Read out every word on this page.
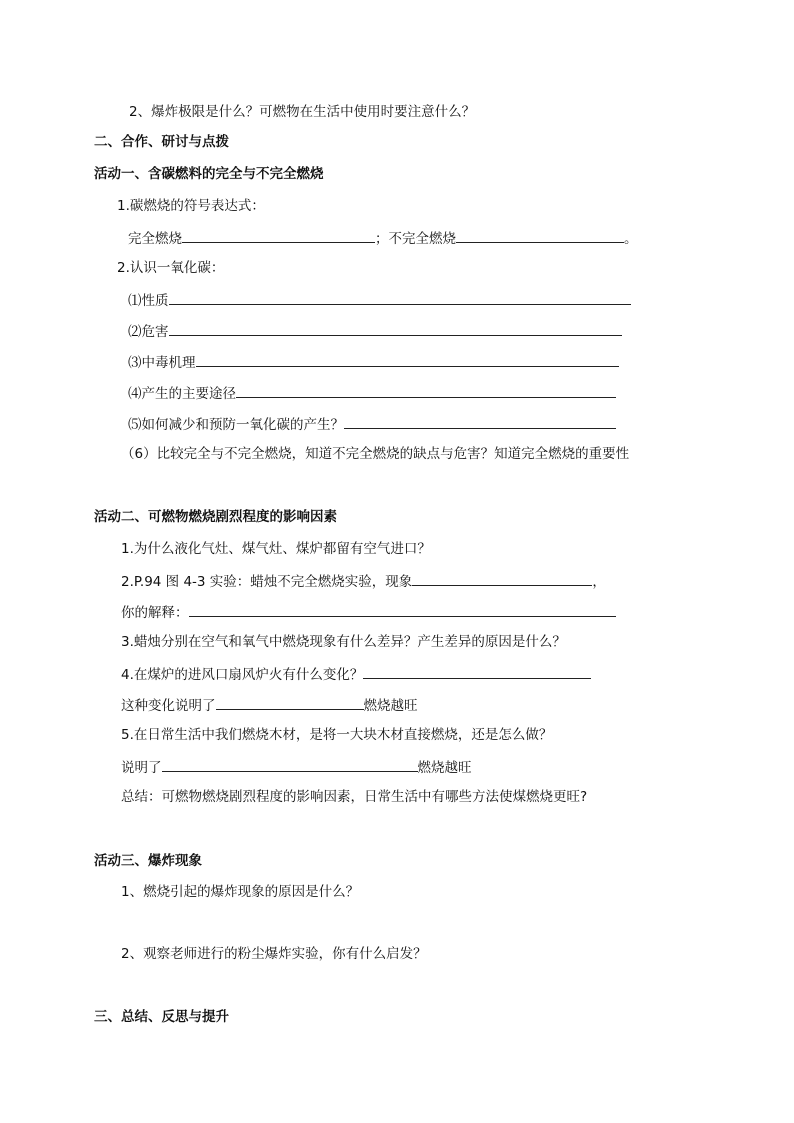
2、爆炸极限是什么？可燃物在生活中使用时要注意什么？
二、合作、研讨与点拨
活动一、含碳燃料的完全与不完全燃烧
1.碳燃烧的符号表达式：
完全燃烧	；不完全燃烧	。
2.认识一氧化碳：
⑴性质
⑵危害
⑶中毒机理
⑷产生的主要途径
⑸如何减少和预防一氧化碳的产生？
（6）比较完全与不完全燃烧，知道不完全燃烧的缺点与危害？知道完全燃烧的重要性
活动二、可燃物燃烧剧烈程度的影响因素
1.为什么液化气灶、煤气灶、煤炉都留有空气进口？
2.P.94 图 4-3 实验：蜡烛不完全燃烧实验，现象	，
你的解释：
3.蜡烛分别在空气和氧气中燃烧现象有什么差异？产生差异的原因是什么？
4.在煤炉的进风口扇风炉火有什么变化？
这种变化说明了	燃烧越旺
5.在日常生活中我们燃烧木材，是将一大块木材直接燃烧，还是怎么做？
说明了	燃烧越旺
总结：可燃物燃烧剧烈程度的影响因素，日常生活中有哪些方法使煤燃烧更旺?
活动三、爆炸现象
1、燃烧引起的爆炸现象的原因是什么？
2、观察老师进行的粉尘爆炸实验，你有什么启发？
三、总结、反思与提升
